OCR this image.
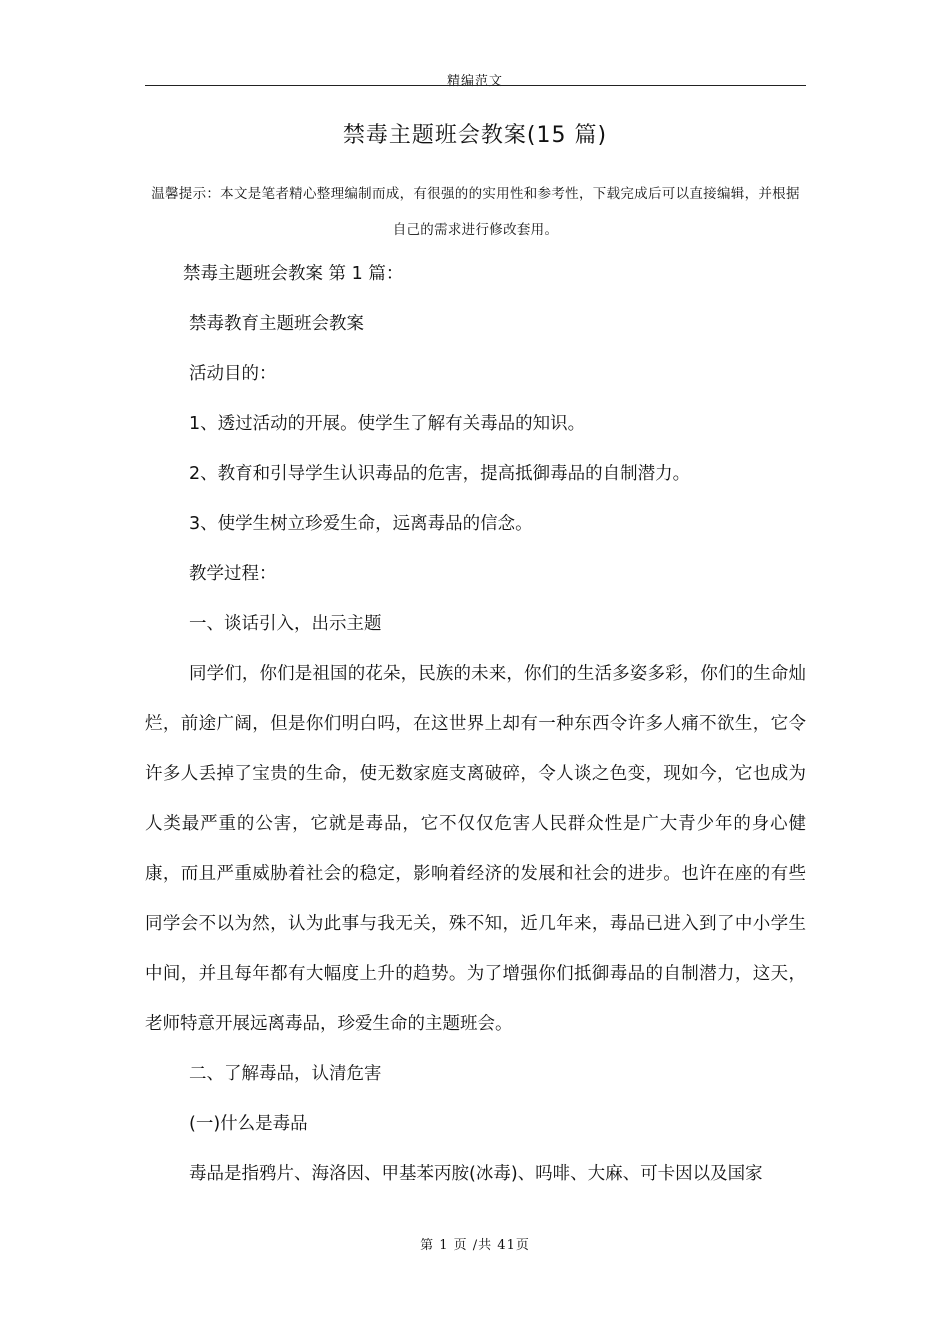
精编范文
禁毒主题班会教案(15 篇)
温馨提示：本文是笔者精心整理编制而成，有很强的的实用性和参考性，下载完成后可以直接编辑，并根据自己的需求进行修改套用。

禁毒主题班会教案 第 1 篇：

禁毒教育主题班会教案

活动目的：

1、透过活动的开展。使学生了解有关毒品的知识。

2、教育和引导学生认识毒品的危害，提高抵御毒品的自制潜力。

3、使学生树立珍爱生命，远离毒品的信念。

教学过程：

一、谈话引入，出示主题

同学们，你们是祖国的花朵，民族的未来，你们的生活多姿多彩，你们的生命灿烂，前途广阔，但是你们明白吗，在这世界上却有一种东西令许多人痛不欲生，它令许多人丢掉了宝贵的生命，使无数家庭支离破碎，令人谈之色变，现如今，它也成为人类最严重的公害，它就是毒品，它不仅仅危害人民群众性是广大青少年的身心健康，而且严重威胁着社会的稳定，影响着经济的发展和社会的进步。也许在座的有些同学会不以为然，认为此事与我无关，殊不知，近几年来，毒品已进入到了中小学生中间，并且每年都有大幅度上升的趋势。为了增强你们抵御毒品的自制潜力，这天，老师特意开展远离毒品，珍爱生命的主题班会。

二、了解毒品，认清危害

(一)什么是毒品

毒品是指鸦片、海洛因、甲基苯丙胺(冰毒)、吗啡、大麻、可卡因以及国家

第 1 页 /共 41页
